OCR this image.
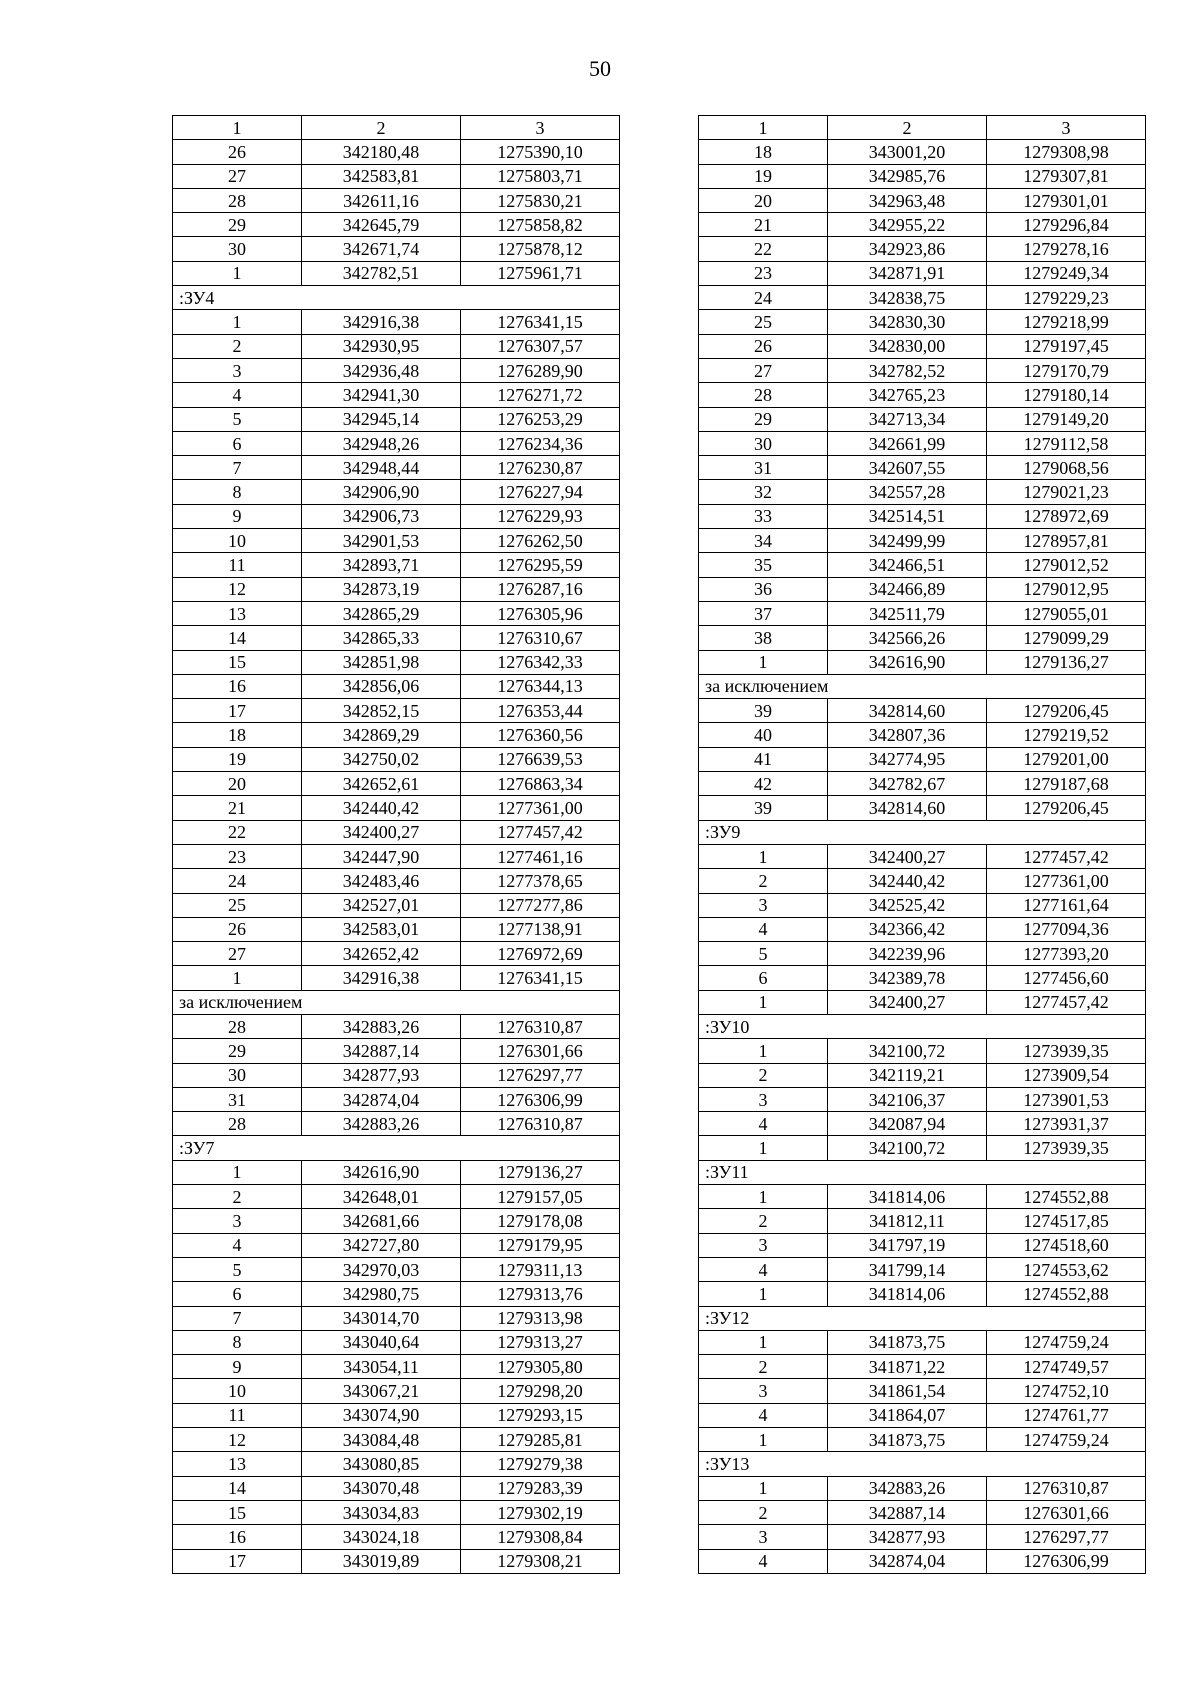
50
1	2	3
26	342180,48	1275390,10
27	342583,81	1275803,71
28	342611,16	1275830,21
29	342645,79	1275858,82
30	342671,74	1275878,12
1	342782,51	1275961,71
:ЗУ4		
1	342916,38	1276341,15
2	342930,95	1276307,57
3	342936,48	1276289,90
4	342941,30	1276271,72
5	342945,14	1276253,29
6	342948,26	1276234,36
7	342948,44	1276230,87
8	342906,90	1276227,94
9	342906,73	1276229,93
10	342901,53	1276262,50
11	342893,71	1276295,59
12	342873,19	1276287,16
13	342865,29	1276305,96
14	342865,33	1276310,67
15	342851,98	1276342,33
16	342856,06	1276344,13
17	342852,15	1276353,44
18	342869,29	1276360,56
19	342750,02	1276639,53
20	342652,61	1276863,34
21	342440,42	1277361,00
22	342400,27	1277457,42
23	342447,90	1277461,16
24	342483,46	1277378,65
25	342527,01	1277277,86
26	342583,01	1277138,91
27	342652,42	1276972,69
1	342916,38	1276341,15
за исключением		
28	342883,26	1276310,87
29	342887,14	1276301,66
30	342877,93	1276297,77
31	342874,04	1276306,99
28	342883,26	1276310,87
:ЗУ7		
1	342616,90	1279136,27
2	342648,01	1279157,05
3	342681,66	1279178,08
4	342727,80	1279179,95
5	342970,03	1279311,13
6	342980,75	1279313,76
7	343014,70	1279313,98
8	343040,64	1279313,27
9	343054,11	1279305,80
10	343067,21	1279298,20
11	343074,90	1279293,15
12	343084,48	1279285,81
13	343080,85	1279279,38
14	343070,48	1279283,39
15	343034,83	1279302,19
16	343024,18	1279308,84
17	343019,89	1279308,21
1	2	3
18	343001,20	1279308,98
19	342985,76	1279307,81
20	342963,48	1279301,01
21	342955,22	1279296,84
22	342923,86	1279278,16
23	342871,91	1279249,34
24	342838,75	1279229,23
25	342830,30	1279218,99
26	342830,00	1279197,45
27	342782,52	1279170,79
28	342765,23	1279180,14
29	342713,34	1279149,20
30	342661,99	1279112,58
31	342607,55	1279068,56
32	342557,28	1279021,23
33	342514,51	1278972,69
34	342499,99	1278957,81
35	342466,51	1279012,52
36	342466,89	1279012,95
37	342511,79	1279055,01
38	342566,26	1279099,29
1	342616,90	1279136,27
за исключением		
39	342814,60	1279206,45
40	342807,36	1279219,52
41	342774,95	1279201,00
42	342782,67	1279187,68
39	342814,60	1279206,45
:ЗУ9		
1	342400,27	1277457,42
2	342440,42	1277361,00
3	342525,42	1277161,64
4	342366,42	1277094,36
5	342239,96	1277393,20
6	342389,78	1277456,60
1	342400,27	1277457,42
:ЗУ10		
1	342100,72	1273939,35
2	342119,21	1273909,54
3	342106,37	1273901,53
4	342087,94	1273931,37
1	342100,72	1273939,35
:ЗУ11		
1	341814,06	1274552,88
2	341812,11	1274517,85
3	341797,19	1274518,60
4	341799,14	1274553,62
1	341814,06	1274552,88
:ЗУ12		
1	341873,75	1274759,24
2	341871,22	1274749,57
3	341861,54	1274752,10
4	341864,07	1274761,77
1	341873,75	1274759,24
:ЗУ13		
1	342883,26	1276310,87
2	342887,14	1276301,66
3	342877,93	1276297,77
4	342874,04	1276306,99
